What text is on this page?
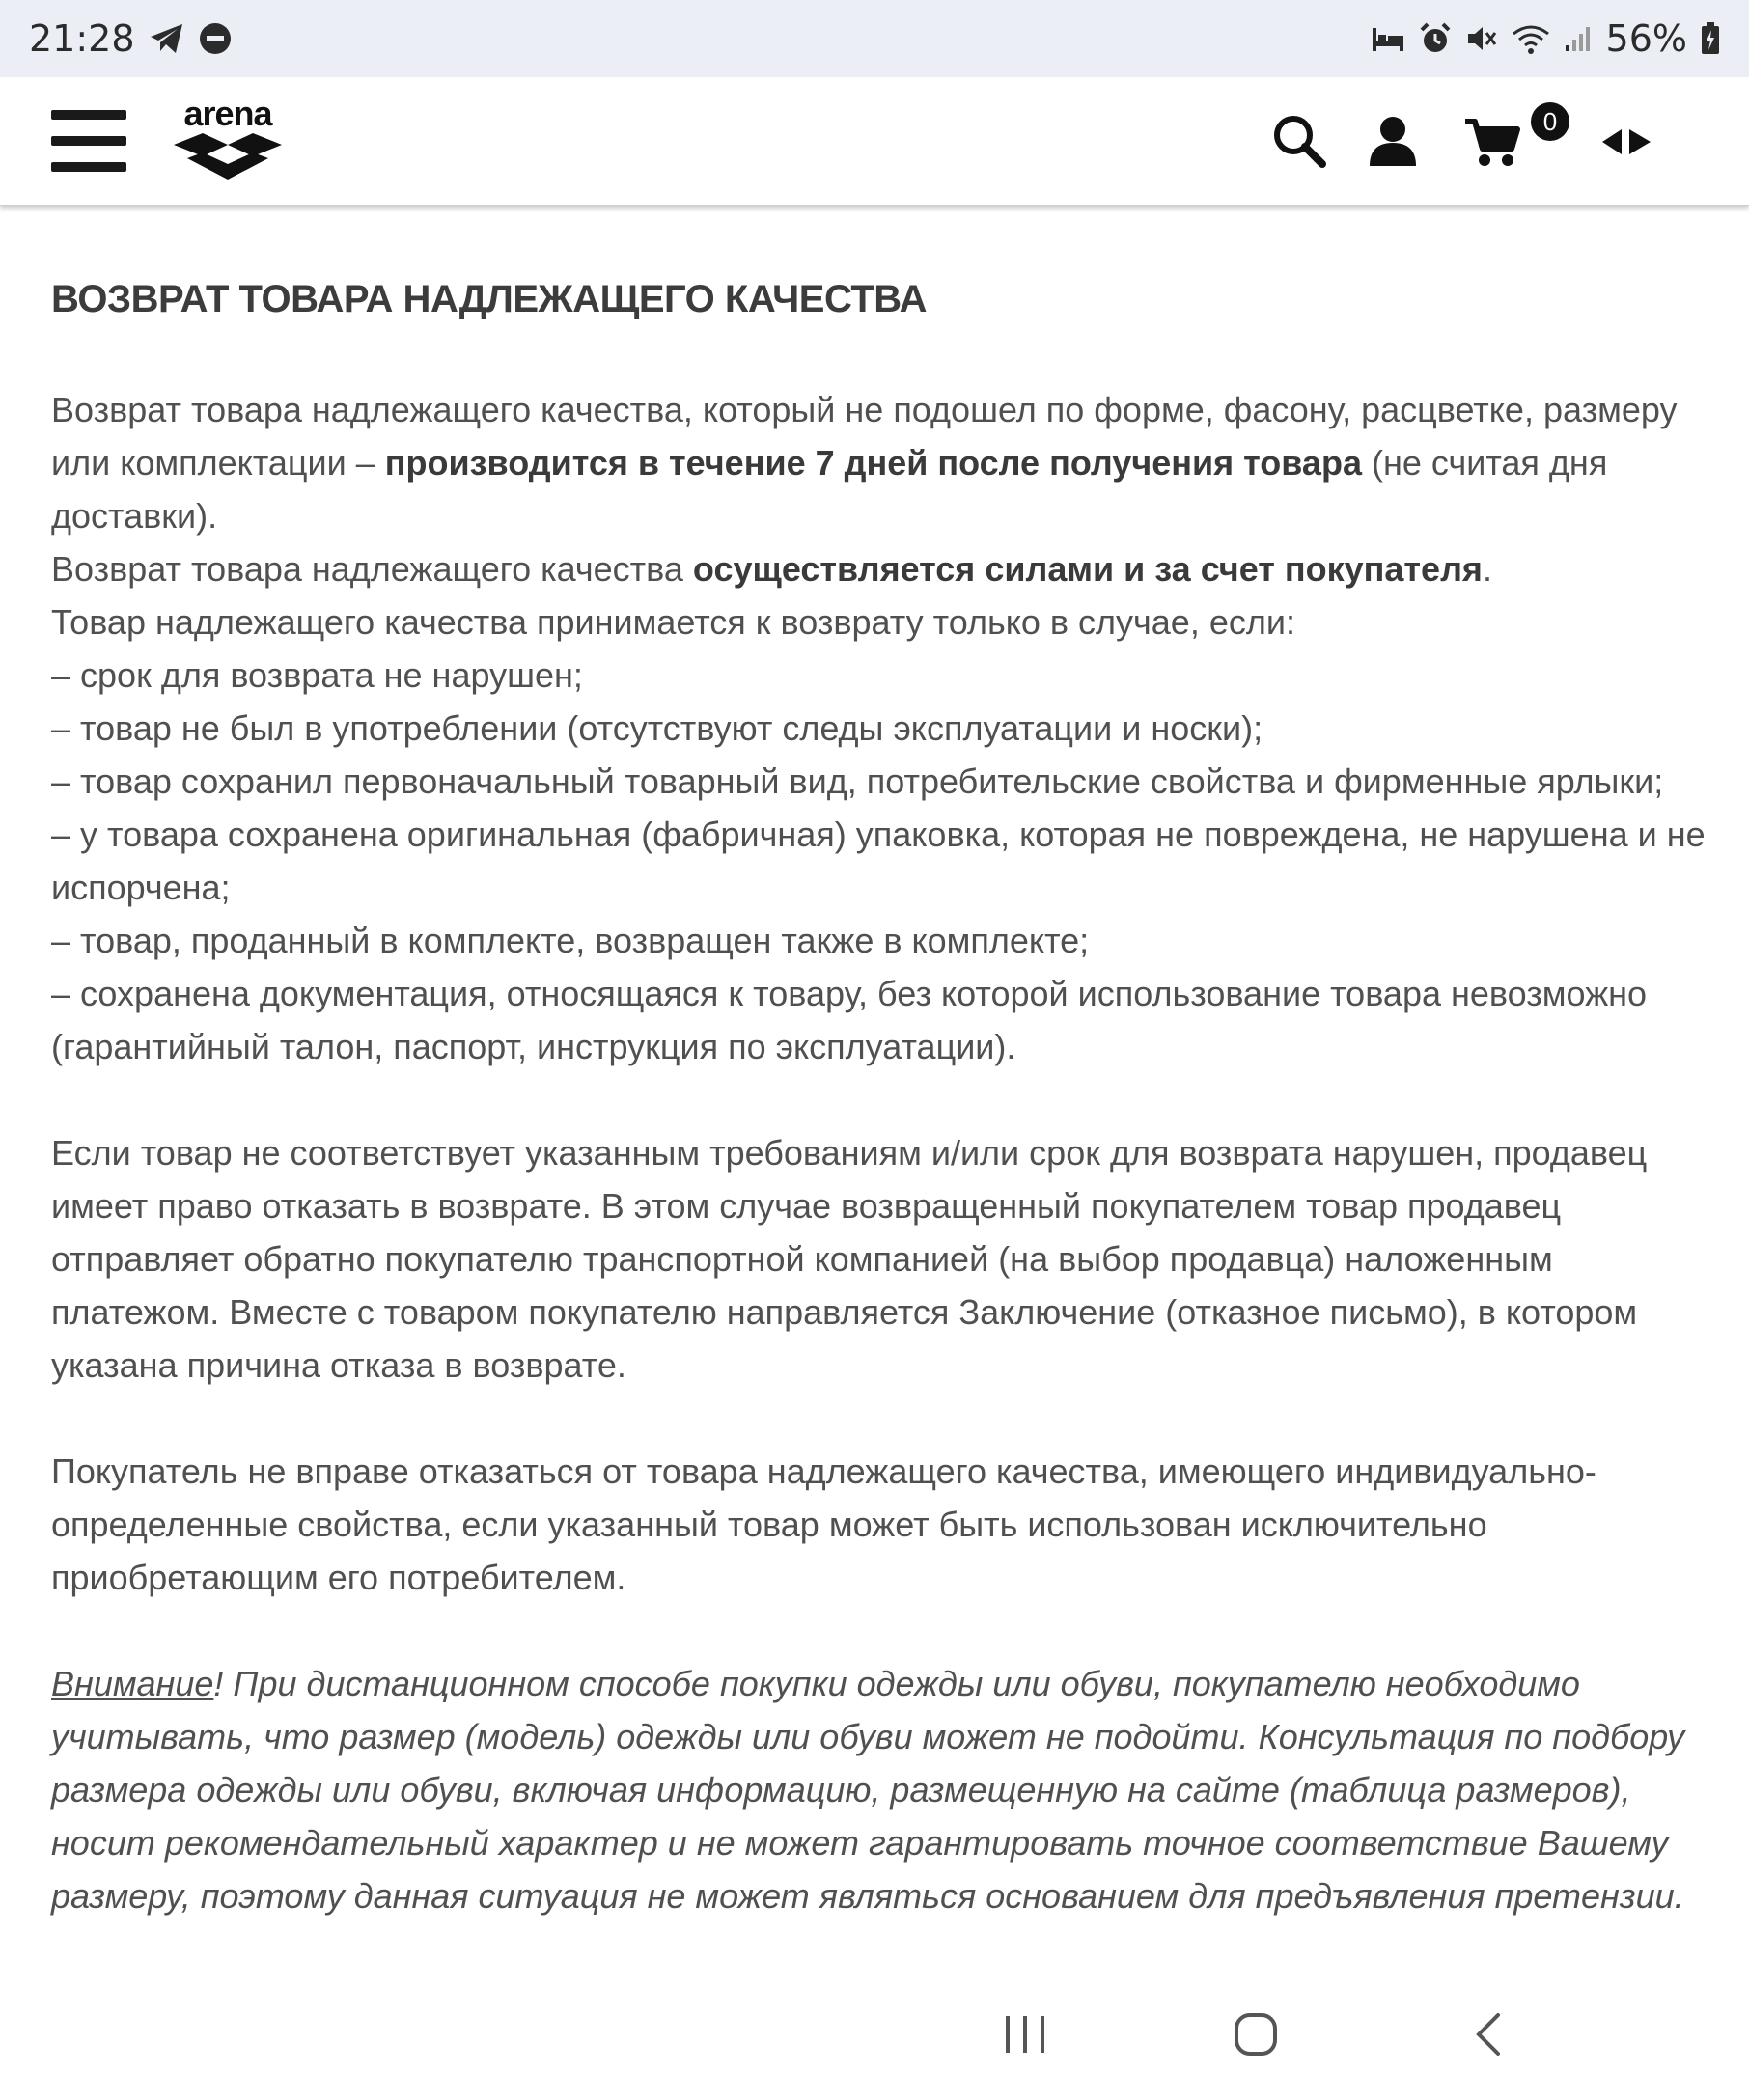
21:28	56%
arena	0
ВОЗВРАТ ТОВАРА НАДЛЕЖАЩЕГО КАЧЕСТВА

Возврат товара надлежащего качества, который не подошел по форме, фасону, расцветке, размеру или комплектации – производится в течение 7 дней после получения товара (не считая дня доставки).

Возврат товара надлежащего качества осуществляется силами и за счет покупателя.

Товар надлежащего качества принимается к возврату только в случае, если:

– срок для возврата не нарушен;

– товар не был в употреблении (отсутствуют следы эксплуатации и носки);

– товар сохранил первоначальный товарный вид, потребительские свойства и фирменные ярлыки;

– у товара сохранена оригинальная (фабричная) упаковка, которая не повреждена, не нарушена и не испорчена;

– товар, проданный в комплекте, возвращен также в комплекте;

– сохранена документация, относящаяся к товару, без которой использование товара невозможно (гарантийный талон, паспорт, инструкция по эксплуатации).

Если товар не соответствует указанным требованиям и/или срок для возврата нарушен, продавец имеет право отказать в возврате. В этом случае возвращенный покупателем товар продавец отправляет обратно покупателю транспортной компанией (на выбор продавца) наложенным платежом. Вместе с товаром покупателю направляется Заключение (отказное письмо), в котором указана причина отказа в возврате.

Покупатель не вправе отказаться от товара надлежащего качества, имеющего индивидуально-определенные свойства, если указанный товар может быть использован исключительно приобретающим его потребителем.

Внимание! При дистанционном способе покупки одежды или обуви, покупателю необходимо учитывать, что размер (модель) одежды или обуви может не подойти. Консультация по подбору размера одежды или обуви, включая информацию, размещенную на сайте (таблица размеров), носит рекомендательный характер и не может гарантировать точное соответствие Вашему размеру, поэтому данная ситуация не может являться основанием для предъявления претензии.
